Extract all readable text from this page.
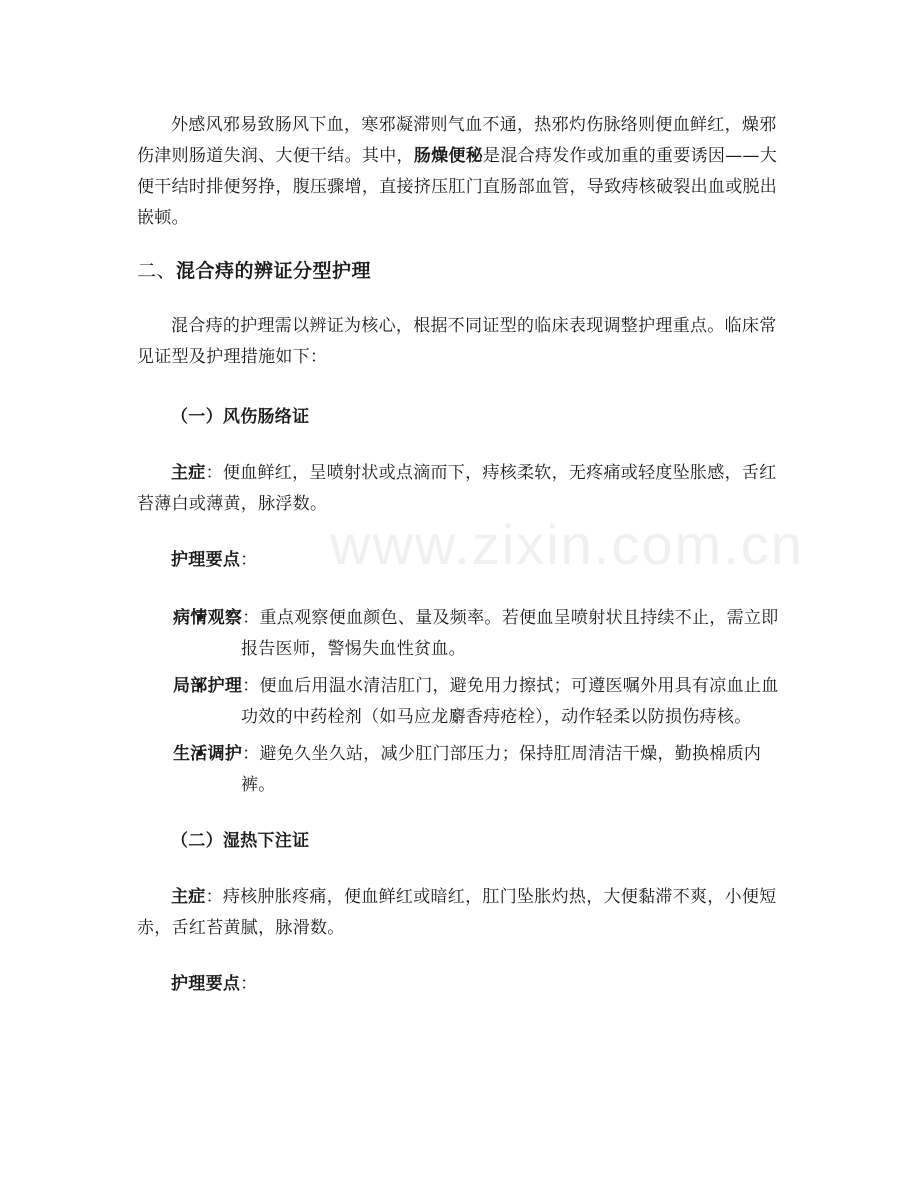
www.zixin.com.cn

外感风邪易致肠风下血，寒邪凝滞则气血不通，热邪灼伤脉络则便血鲜红，燥邪伤津则肠道失润、大便干结。其中，肠燥便秘是混合痔发作或加重的重要诱因——大便干结时排便努挣，腹压骤增，直接挤压肛门直肠部血管，导致痔核破裂出血或脱出嵌顿。

二、混合痔的辨证分型护理

混合痔的护理需以辨证为核心，根据不同证型的临床表现调整护理重点。临床常见证型及护理措施如下：

（一）风伤肠络证

主症：便血鲜红，呈喷射状或点滴而下，痔核柔软，无疼痛或轻度坠胀感，舌红苔薄白或薄黄，脉浮数。

护理要点：

病情观察：重点观察便血颜色、量及频率。若便血呈喷射状且持续不止，需立即报告医师，警惕失血性贫血。
局部护理：便血后用温水清洁肛门，避免用力擦拭；可遵医嘱外用具有凉血止血功效的中药栓剂（如马应龙麝香痔疮栓），动作轻柔以防损伤痔核。
生活调护：避免久坐久站，减少肛门部压力；保持肛周清洁干燥，勤换棉质内裤。

（二）湿热下注证

主症：痔核肿胀疼痛，便血鲜红或暗红，肛门坠胀灼热，大便黏滞不爽，小便短赤，舌红苔黄腻，脉滑数。

护理要点：
